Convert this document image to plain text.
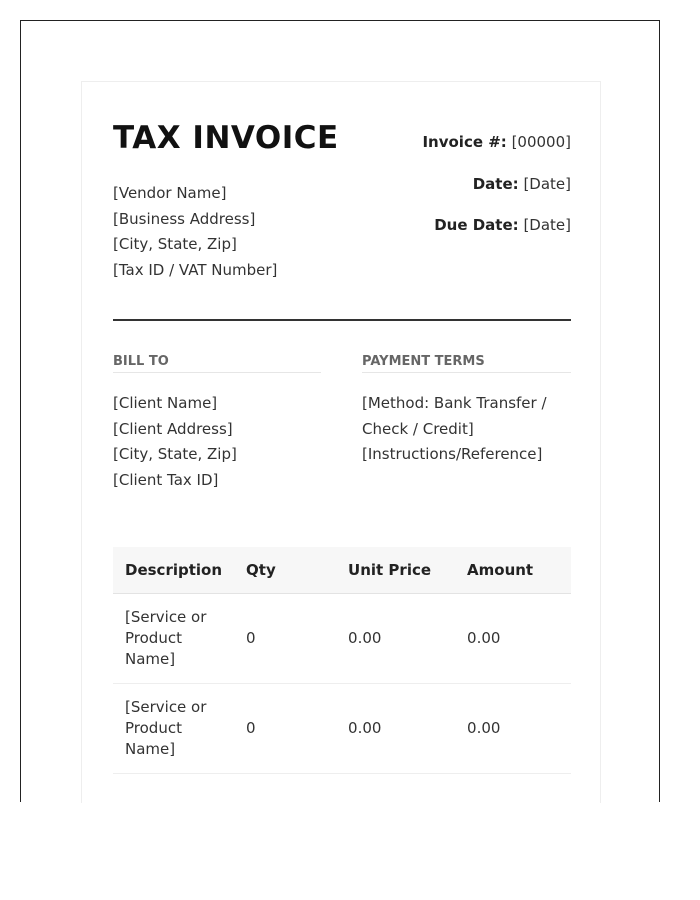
TAX INVOICE
[Vendor Name]
[Business Address]
[City, State, Zip]
[Tax ID / VAT Number]
Invoice #: [00000]
Date: [Date]
Due Date: [Date]
BILL TO
[Client Name]
[Client Address]
[City, State, Zip]
[Client Tax ID]
PAYMENT TERMS
[Method: Bank Transfer /
Check / Credit]
[Instructions/Reference]
Description	Qty	Unit Price	Amount
[Service or Product Name]	0	0.00	0.00
[Service or Product Name]	0	0.00	0.00
